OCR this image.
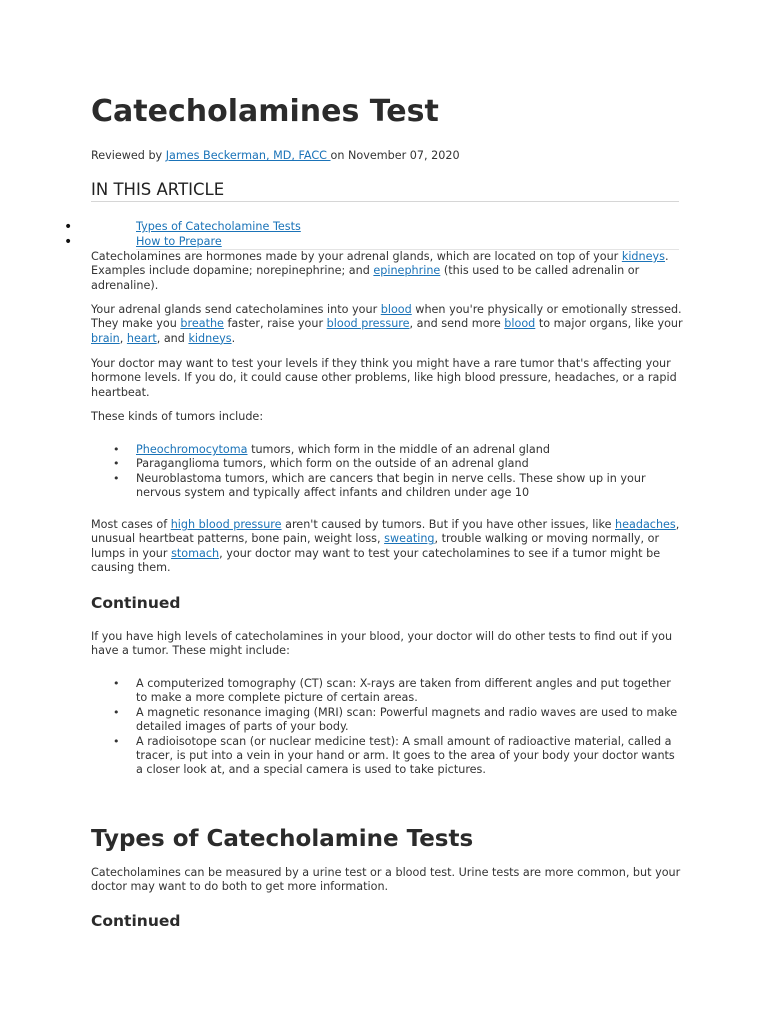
Catecholamines Test
Reviewed by James Beckerman, MD, FACC on November 07, 2020
IN THIS ARTICLE
•	Types of Catecholamine Tests
•	How to Prepare

Catecholamines are hormones made by your adrenal glands, which are located on top of your kidneys. Examples include dopamine; norepinephrine; and epinephrine (this used to be called adrenalin or adrenaline).

Your adrenal glands send catecholamines into your blood when you're physically or emotionally stressed. They make you breathe faster, raise your blood pressure, and send more blood to major organs, like your brain, heart, and kidneys.

Your doctor may want to test your levels if they think you might have a rare tumor that's affecting your hormone levels. If you do, it could cause other problems, like high blood pressure, headaches, or a rapid heartbeat.

These kinds of tumors include:

• Pheochromocytoma tumors, which form in the middle of an adrenal gland
• Paraganglioma tumors, which form on the outside of an adrenal gland
• Neuroblastoma tumors, which are cancers that begin in nerve cells. These show up in your nervous system and typically affect infants and children under age 10

Most cases of high blood pressure aren't caused by tumors. But if you have other issues, like headaches, unusual heartbeat patterns, bone pain, weight loss, sweating, trouble walking or moving normally, or lumps in your stomach, your doctor may want to test your catecholamines to see if a tumor might be causing them.

Continued

If you have high levels of catecholamines in your blood, your doctor will do other tests to find out if you have a tumor. These might include:

• A computerized tomography (CT) scan: X-rays are taken from different angles and put together to make a more complete picture of certain areas.
• A magnetic resonance imaging (MRI) scan: Powerful magnets and radio waves are used to make detailed images of parts of your body.
• A radioisotope scan (or nuclear medicine test): A small amount of radioactive material, called a tracer, is put into a vein in your hand or arm. It goes to the area of your body your doctor wants a closer look at, and a special camera is used to take pictures.
Types of Catecholamine Tests

Catecholamines can be measured by a urine test or a blood test. Urine tests are more common, but your doctor may want to do both to get more information.

Continued
